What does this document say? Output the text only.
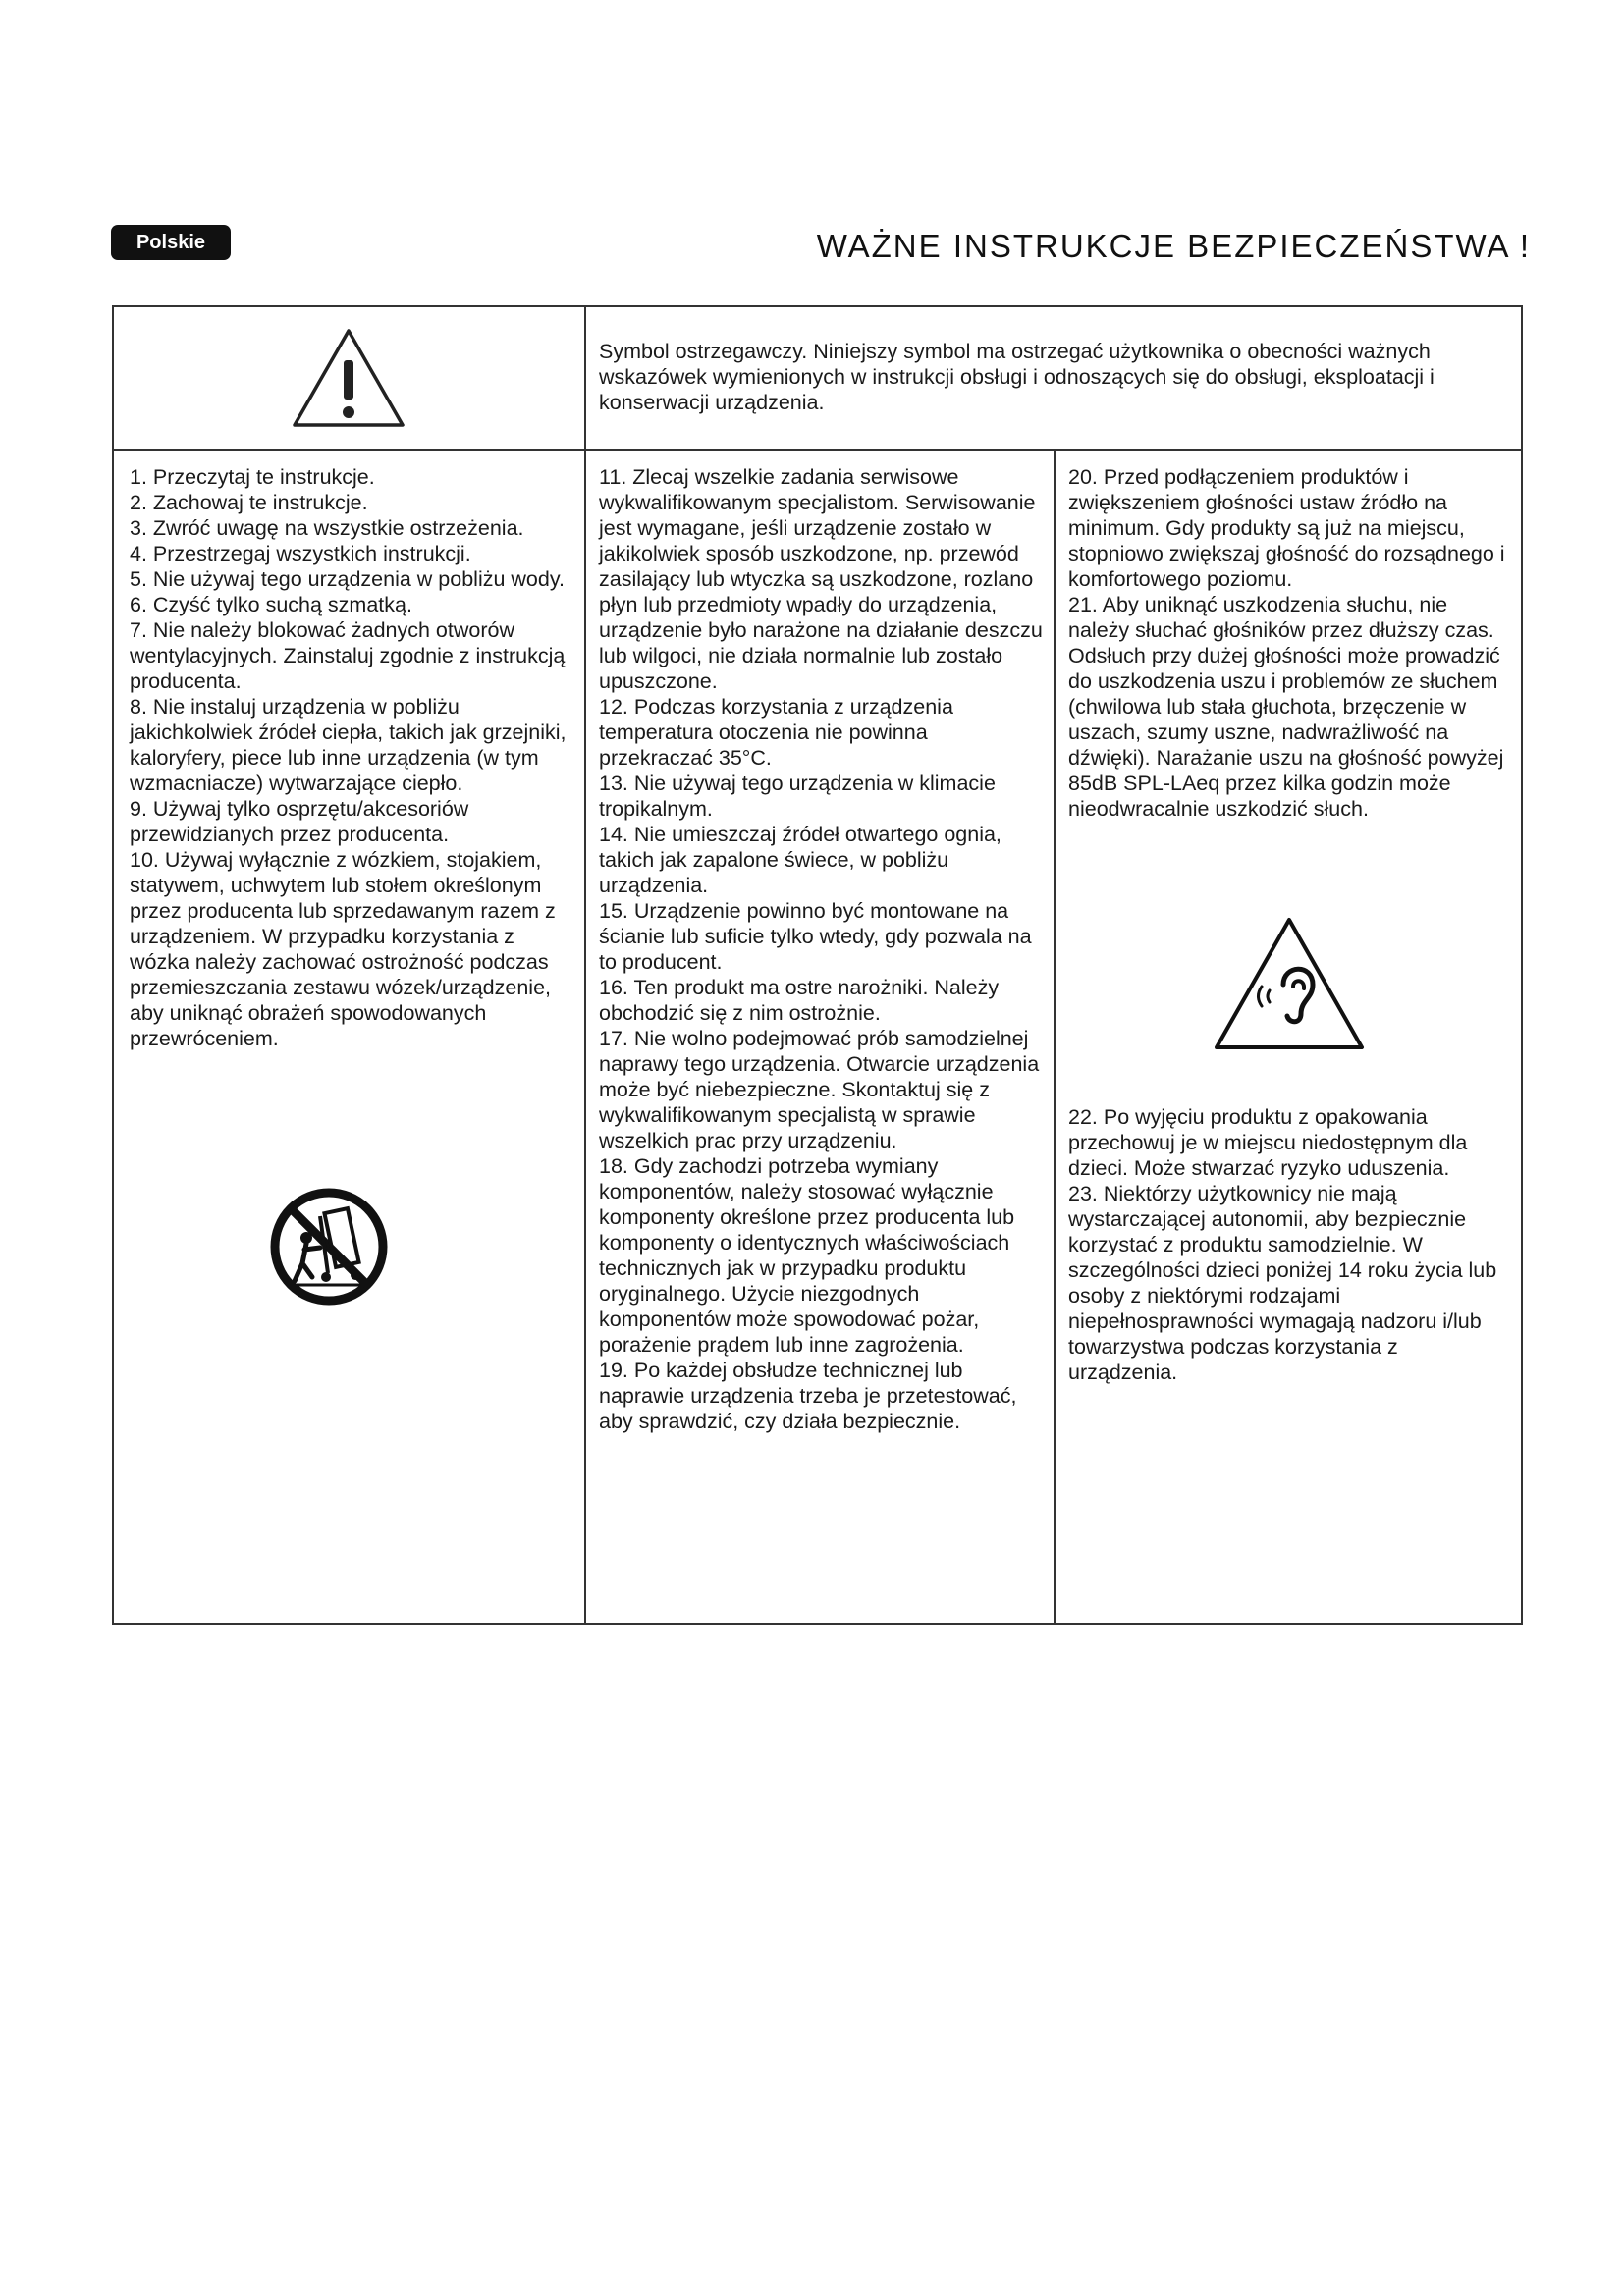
Polskie	WAŻNE INSTRUKCJE BEZPIECZEŃSTWA !

Symbol ostrzegawczy. Niniejszy symbol ma ostrzegać użytkownika o obecności ważnych wskazówek wymienionych w instrukcji obsługi i odnoszących się do obsługi, eksploatacji i konserwacji urządzenia.

1. Przeczytaj te instrukcje.
2. Zachowaj te instrukcje.
3. Zwróć uwagę na wszystkie ostrzeżenia.
4. Przestrzegaj wszystkich instrukcji.
5. Nie używaj tego urządzenia w pobliżu wody.
6. Czyść tylko suchą szmatką.
7. Nie należy blokować żadnych otworów wentylacyjnych. Zainstaluj zgodnie z instrukcją producenta.
8. Nie instaluj urządzenia w pobliżu jakichkolwiek źródeł ciepła, takich jak grzejniki, kaloryfery, piece lub inne urządzenia (w tym wzmacniacze) wytwarzające ciepło.
9. Używaj tylko osprzętu/akcesoriów przewidzianych przez producenta.
10. Używaj wyłącznie z wózkiem, stojakiem, statywem, uchwytem lub stołem określonym przez producenta lub sprzedawanym razem z urządzeniem. W przypadku korzystania z wózka należy zachować ostrożność podczas przemieszczania zestawu wózek/urządzenie, aby uniknąć obrażeń spowodowanych przewróceniem.
11. Zlecaj wszelkie zadania serwisowe wykwalifikowanym specjalistom. Serwisowanie jest wymagane, jeśli urządzenie zostało w jakikolwiek sposób uszkodzone, np. przewód zasilający lub wtyczka są uszkodzone, rozlano płyn lub przedmioty wpadły do urządzenia, urządzenie było narażone na działanie deszczu lub wilgoci, nie działa normalnie lub zostało upuszczone.
12. Podczas korzystania z urządzenia temperatura otoczenia nie powinna przekraczać 35°C.
13. Nie używaj tego urządzenia w klimacie tropikalnym.
14. Nie umieszczaj źródeł otwartego ognia, takich jak zapalone świece, w pobliżu urządzenia.
15. Urządzenie powinno być montowane na ścianie lub suficie tylko wtedy, gdy pozwala na to producent.
16. Ten produkt ma ostre narożniki. Należy obchodzić się z nim ostrożnie.
17. Nie wolno podejmować prób samodzielnej naprawy tego urządzenia. Otwarcie urządzenia może być niebezpieczne. Skontaktuj się z wykwalifikowanym specjalistą w sprawie wszelkich prac przy urządzeniu.
18. Gdy zachodzi potrzeba wymiany komponentów, należy stosować wyłącznie komponenty określone przez producenta lub komponenty o identycznych właściwościach technicznych jak w przypadku produktu oryginalnego. Użycie niezgodnych komponentów może spowodować pożar, porażenie prądem lub inne zagrożenia.
19. Po każdej obsłudze technicznej lub naprawie urządzenia trzeba je przetestować, aby sprawdzić, czy działa bezpiecznie.
20. Przed podłączeniem produktów i zwiększeniem głośności ustaw źródło na minimum. Gdy produkty są już na miejscu, stopniowo zwiększaj głośność do rozsądnego i komfortowego poziomu.
21. Aby uniknąć uszkodzenia słuchu, nie należy słuchać głośników przez dłuższy czas. Odsłuch przy dużej głośności może prowadzić do uszkodzenia uszu i problemów ze słuchem (chwilowa lub stała głuchota, brzęczenie w uszach, szumy uszne, nadwrażliwość na dźwięki). Narażanie uszu na głośność powyżej 85dB SPL-LAeq przez kilka godzin może nieodwracalnie uszkodzić słuch.
22. Po wyjęciu produktu z opakowania przechowuj je w miejscu niedostępnym dla dzieci. Może stwarzać ryzyko uduszenia.
23. Niektórzy użytkownicy nie mają wystarczającej autonomii, aby bezpiecznie korzystać z produktu samodzielnie. W szczególności dzieci poniżej 14 roku życia lub osoby z niektórymi rodzajami niepełnosprawności wymagają nadzoru i/lub towarzystwa podczas korzystania z urządzenia.
